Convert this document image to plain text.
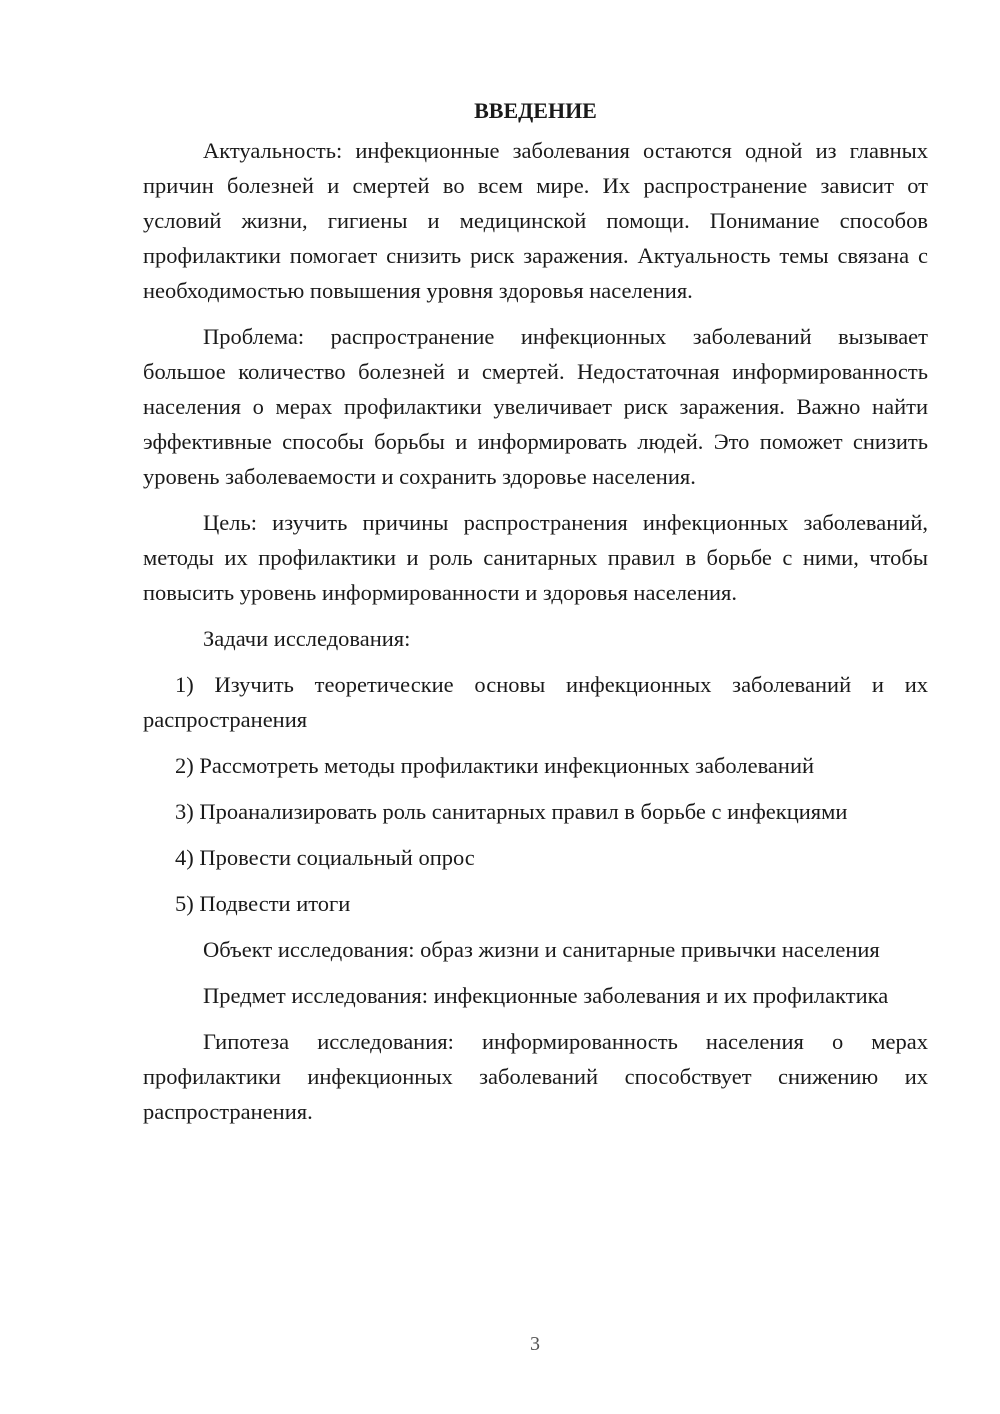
ВВЕДЕНИЕ

Актуальность: инфекционные заболевания остаются одной из главных причин болезней и смертей во всем мире. Их распространение зависит от условий жизни, гигиены и медицинской помощи. Понимание способов профилактики помогает снизить риск заражения. Актуальность темы связана с необходимостью повышения уровня здоровья населения.

Проблема: распространение инфекционных заболеваний вызывает большое количество болезней и смертей. Недостаточная информированность населения о мерах профилактики увеличивает риск заражения. Важно найти эффективные способы борьбы и информировать людей. Это поможет снизить уровень заболеваемости и сохранить здоровье населения.

Цель: изучить причины распространения инфекционных заболеваний, методы их профилактики и роль санитарных правил в борьбе с ними, чтобы повысить уровень информированности и здоровья населения.

Задачи исследования:

1) Изучить теоретические основы инфекционных заболеваний и их распространения

2) Рассмотреть методы профилактики инфекционных заболеваний

3) Проанализировать роль санитарных правил в борьбе с инфекциями

4) Провести социальный опрос

5) Подвести итоги

Объект исследования: образ жизни и санитарные привычки населения

Предмет исследования: инфекционные заболевания и их профилактика

Гипотеза исследования: информированность населения о мерах профилактики инфекционных заболеваний способствует снижению их распространения.

3
